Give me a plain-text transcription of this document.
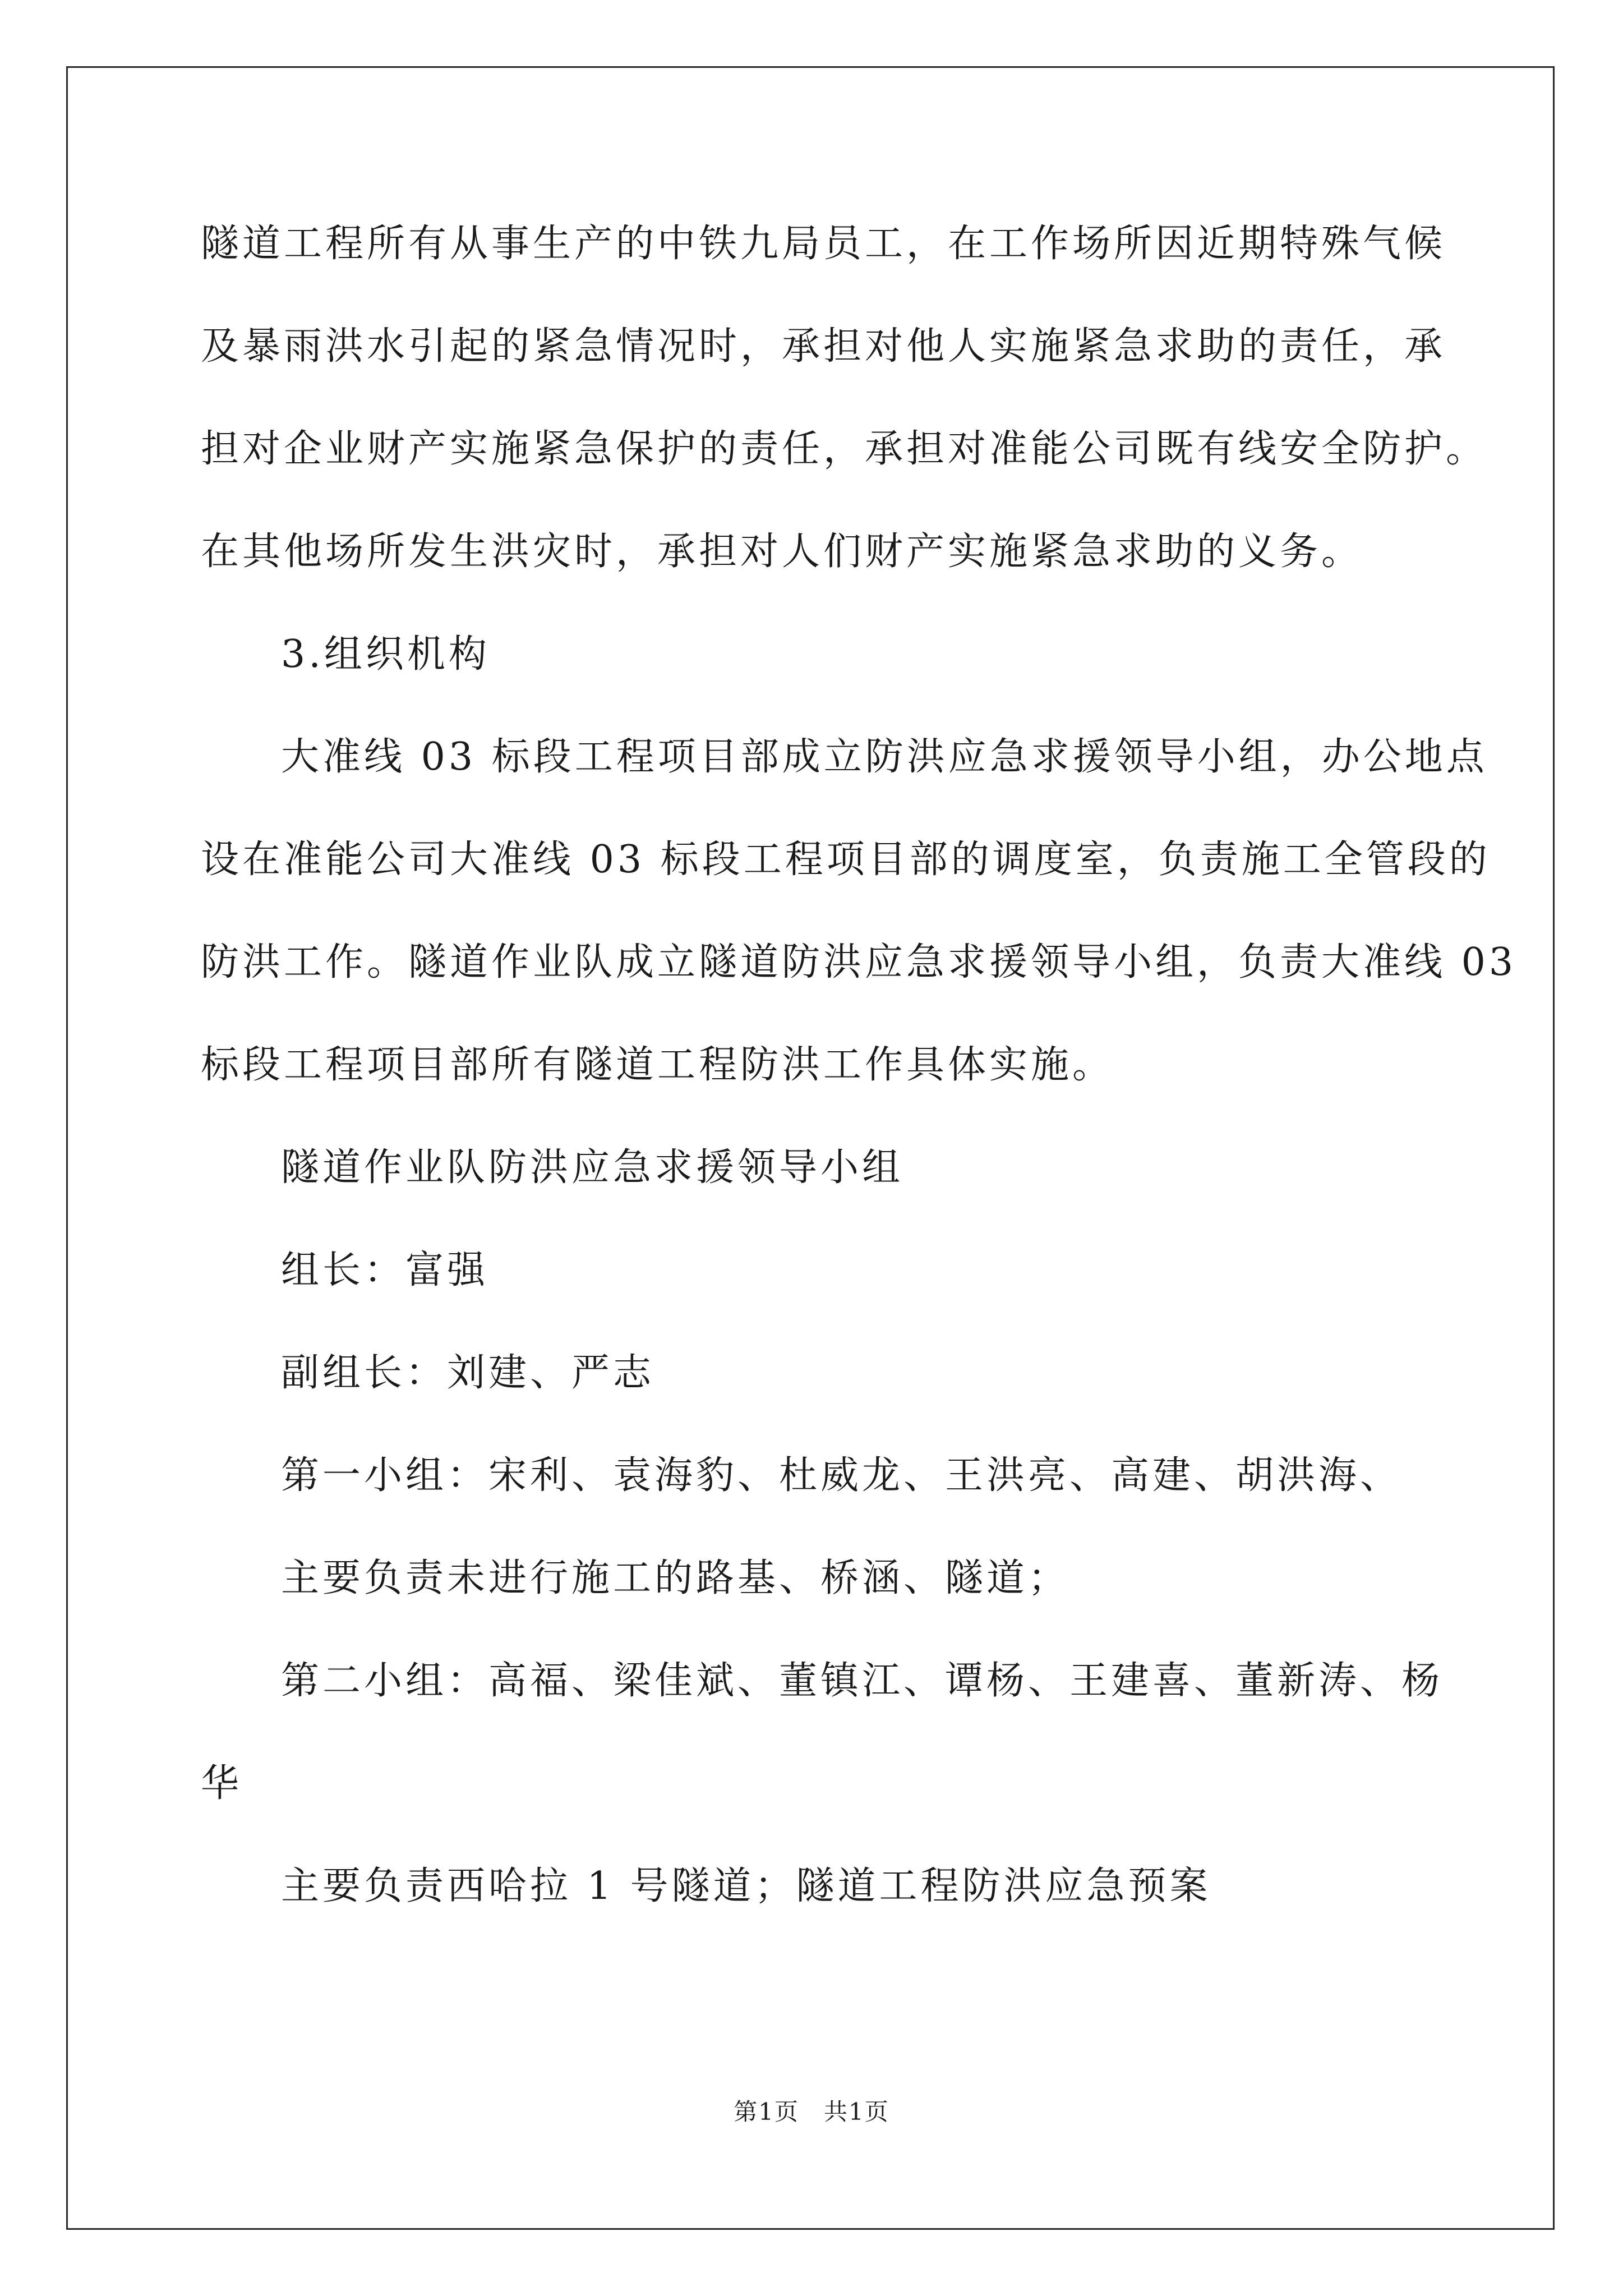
隧道工程所有从事生产的中铁九局员工，在工作场所因近期特殊气候
及暴雨洪水引起的紧急情况时，承担对他人实施紧急求助的责任，承
担对企业财产实施紧急保护的责任，承担对准能公司既有线安全防护。
在其他场所发生洪灾时，承担对人们财产实施紧急求助的义务。
3.组织机构
大准线 03 标段工程项目部成立防洪应急求援领导小组，办公地点
设在准能公司大准线 03 标段工程项目部的调度室，负责施工全管段的
防洪工作。隧道作业队成立隧道防洪应急求援领导小组，负责大准线 03
标段工程项目部所有隧道工程防洪工作具体实施。
隧道作业队防洪应急求援领导小组
组长：富强
副组长：刘建、严志
第一小组：宋利、袁海豹、杜威龙、王洪亮、高建、胡洪海、
主要负责未进行施工的路基、桥涵、隧道；
第二小组：高福、梁佳斌、董镇江、谭杨、王建喜、董新涛、杨
华
主要负责西哈拉 1 号隧道；隧道工程防洪应急预案
第1页　共1页
